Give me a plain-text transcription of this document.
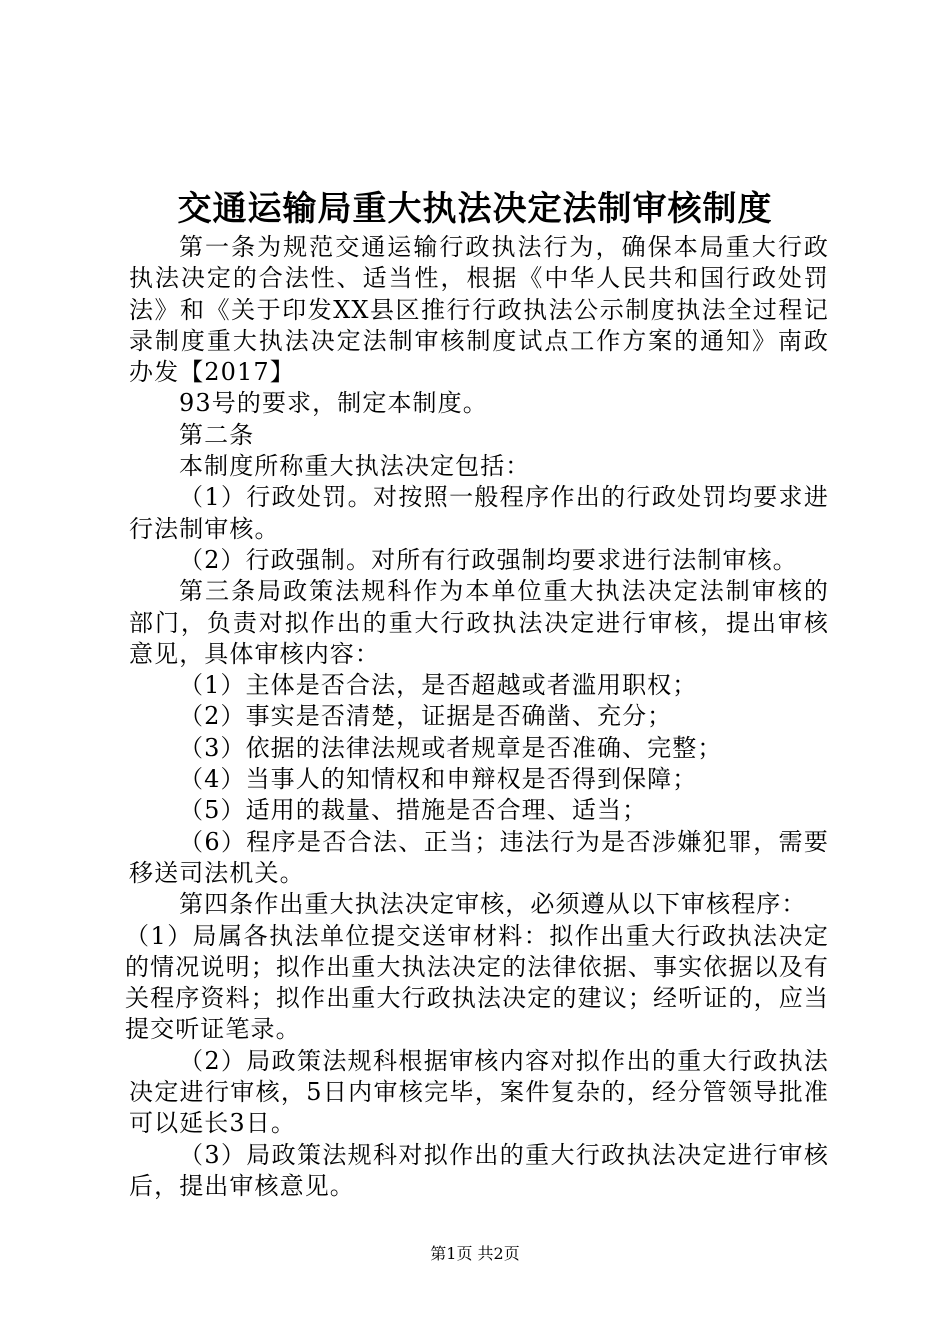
交通运输局重大执法决定法制审核制度

第一条为规范交通运输行政执法行为，确保本局重大行政执法决定的合法性、适当性，根据《中华人民共和国行政处罚法》和《关于印发XX县区推行行政执法公示制度执法全过程记录制度重大执法决定法制审核制度试点工作方案的通知》南政办发【2017】

93号的要求，制定本制度。

第二条

本制度所称重大执法决定包括：

（1）行政处罚。对按照一般程序作出的行政处罚均要求进行法制审核。

（2）行政强制。对所有行政强制均要求进行法制审核。

第三条局政策法规科作为本单位重大执法决定法制审核的部门，负责对拟作出的重大行政执法决定进行审核，提出审核意见，具体审核内容：

（1）主体是否合法，是否超越或者滥用职权；

（2）事实是否清楚，证据是否确凿、充分；

（3）依据的法律法规或者规章是否准确、完整；

（4）当事人的知情权和申辩权是否得到保障；

（5）适用的裁量、措施是否合理、适当；

（6）程序是否合法、正当；违法行为是否涉嫌犯罪，需要移送司法机关。

第四条作出重大执法决定审核，必须遵从以下审核程序：

（1）局属各执法单位提交送审材料：拟作出重大行政执法决定的情况说明；拟作出重大执法决定的法律依据、事实依据以及有关程序资料；拟作出重大行政执法决定的建议；经听证的，应当提交听证笔录。

（2）局政策法规科根据审核内容对拟作出的重大行政执法决定进行审核，5日内审核完毕，案件复杂的，经分管领导批准可以延长3日。

（3）局政策法规科对拟作出的重大行政执法决定进行审核后，提出审核意见。

第1页 共2页
